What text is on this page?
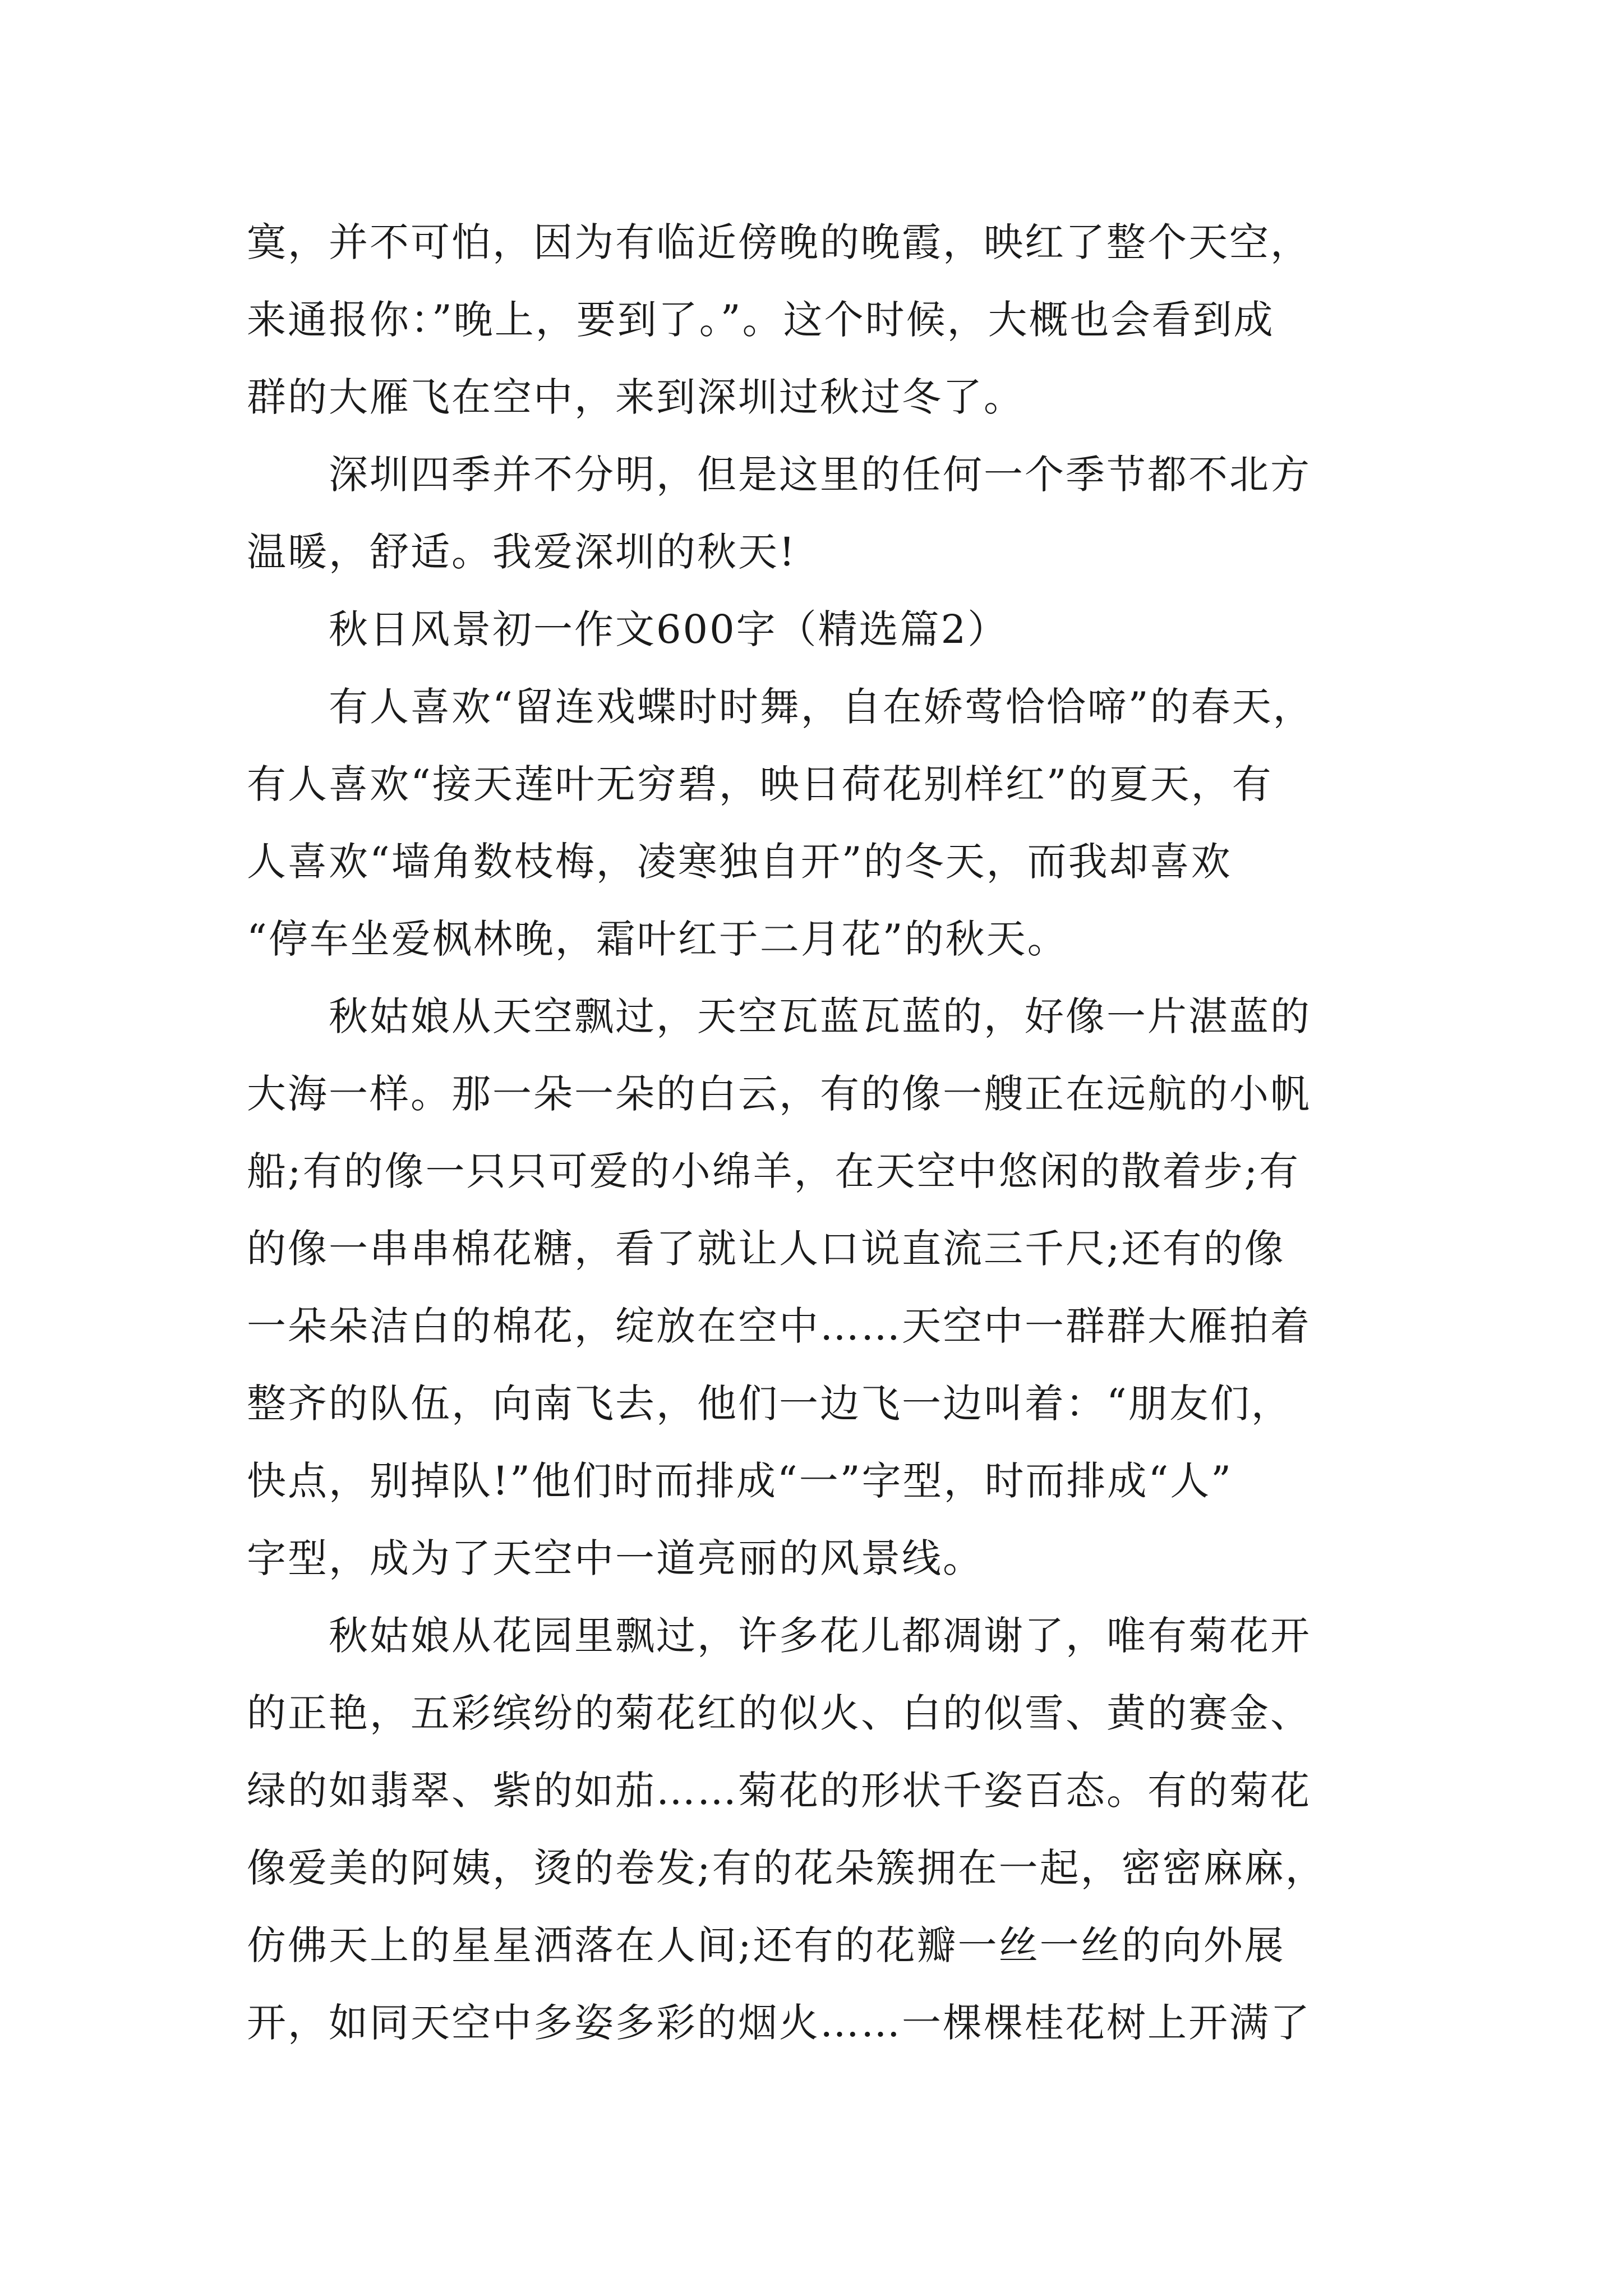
寞，并不可怕，因为有临近傍晚的晚霞，映红了整个天空，
来通报你：”晚上，要到了。”。这个时候，大概也会看到成
群的大雁飞在空中，来到深圳过秋过冬了。
深圳四季并不分明，但是这里的任何一个季节都不北方
温暖，舒适。我爱深圳的秋天!
秋日风景初一作文600字（精选篇2）
有人喜欢“留连戏蝶时时舞，自在娇莺恰恰啼”的春天，
有人喜欢“接天莲叶无穷碧，映日荷花别样红”的夏天，有
人喜欢“墙角数枝梅，凌寒独自开”的冬天，而我却喜欢
“停车坐爱枫林晚，霜叶红于二月花”的秋天。
秋姑娘从天空飘过，天空瓦蓝瓦蓝的，好像一片湛蓝的
大海一样。那一朵一朵的白云，有的像一艘正在远航的小帆
船;有的像一只只可爱的小绵羊，在天空中悠闲的散着步;有
的像一串串棉花糖，看了就让人口说直流三千尺;还有的像
一朵朵洁白的棉花，绽放在空中……天空中一群群大雁拍着
整齐的队伍，向南飞去，他们一边飞一边叫着：“朋友们，
快点，别掉队!”他们时而排成“一”字型，时而排成“人”
字型，成为了天空中一道亮丽的风景线。
秋姑娘从花园里飘过，许多花儿都凋谢了，唯有菊花开
的正艳，五彩缤纷的菊花红的似火、白的似雪、黄的赛金、
绿的如翡翠、紫的如茄……菊花的形状千姿百态。有的菊花
像爱美的阿姨，烫的卷发;有的花朵簇拥在一起，密密麻麻，
仿佛天上的星星洒落在人间;还有的花瓣一丝一丝的向外展
开，如同天空中多姿多彩的烟火……一棵棵桂花树上开满了
